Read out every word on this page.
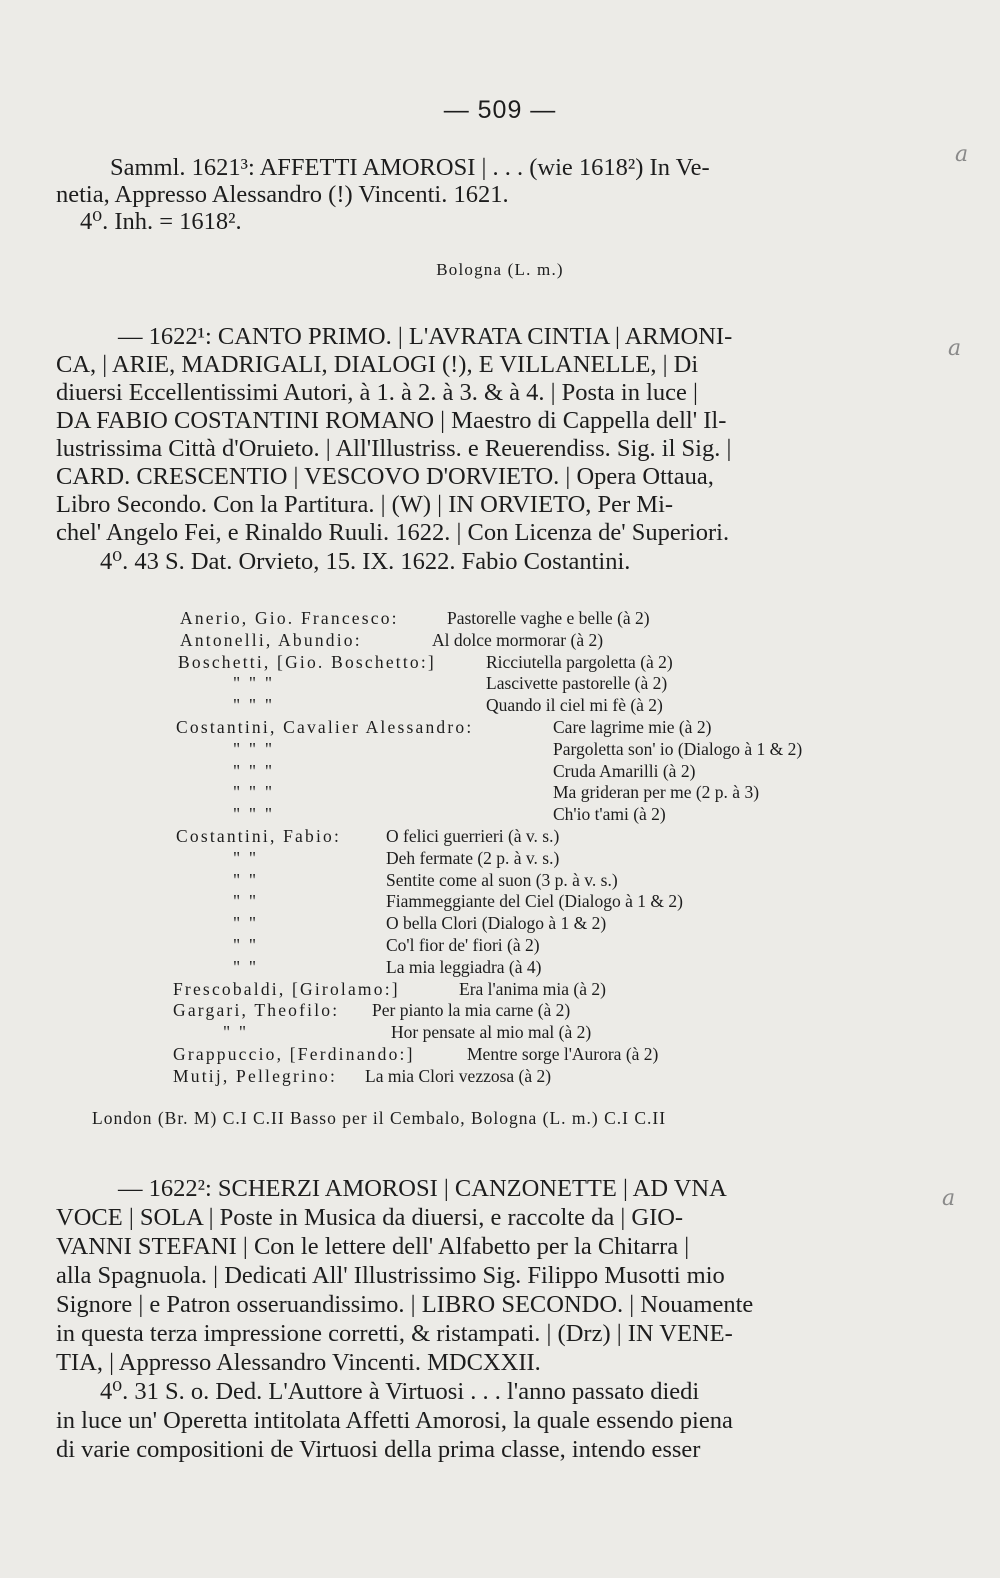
— 509 —
a
a
a
Samml. 1621³: AFFETTI AMOROSI | . . . (wie 1618²) In Ve-
netia, Appresso Alessandro (!) Vincenti. 1621.
4⁰. Inh. = 1618².
Bologna (L. m.)
— 1622¹: CANTO PRIMO. | L'AVRATA CINTIA | ARMONI-
CA, | ARIE, MADRIGALI, DIALOGI (!), E VILLANELLE, | Di
diuersi Eccellentissimi Autori, à 1. à 2. à 3. & à 4. | Posta in luce |
DA FABIO COSTANTINI ROMANO | Maestro di Cappella dell' Il-
lustrissima Città d'Oruieto. | All'Illustriss. e Reuerendiss. Sig. il Sig. |
CARD. CRESCENTIO | VESCOVO D'ORVIETO. | Opera Ottaua,
Libro Secondo. Con la Partitura. | (W) | IN ORVIETO, Per Mi-
chel' Angelo Fei, e Rinaldo Ruuli. 1622. | Con Licenza de' Superiori.
4⁰. 43 S. Dat. Orvieto, 15. IX. 1622. Fabio Costantini.
Anerio, Gio. Francesco:	Pastorelle vaghe e belle (à 2)
Antonelli, Abundio:	Al dolce mormorar (à 2)
Boschetti, [Gio. Boschetto:]	Ricciutella pargoletta (à 2)
" " "	Lascivette pastorelle (à 2)
" " "	Quando il ciel mi fè (à 2)
Costantini, Cavalier Alessandro:	Care lagrime mie (à 2)
" " "	Pargoletta son' io (Dialogo à 1 & 2)
" " "	Cruda Amarilli (à 2)
" " "	Ma grideran per me (2 p. à 3)
" " "	Ch'io t'ami (à 2)
Costantini, Fabio:	O felici guerrieri (à v. s.)
" "	Deh fermate (2 p. à v. s.)
" "	Sentite come al suon (3 p. à v. s.)
" "	Fiammeggiante del Ciel (Dialogo à 1 & 2)
" "	O bella Clori (Dialogo à 1 & 2)
" "	Co'l fior de' fiori (à 2)
" "	La mia leggiadra (à 4)
Frescobaldi, [Girolamo:]	Era l'anima mia (à 2)
Gargari, Theofilo: Per pianto la mia carne (à 2)
" "	Hor pensate al mio mal (à 2)
Grappuccio, [Ferdinando:]	Mentre sorge l'Aurora (à 2)
Mutij, Pellegrino: La mia Clori vezzosa (à 2)
London (Br. M) C.I C.II Basso per il Cembalo, Bologna (L. m.) C.I C.II
— 1622²: SCHERZI AMOROSI | CANZONETTE | AD VNA
VOCE | SOLA | Poste in Musica da diuersi, e raccolte da | GIO-
VANNI STEFANI | Con le lettere dell' Alfabetto per la Chitarra |
alla Spagnuola. | Dedicati All' Illustrissimo Sig. Filippo Musotti mio
Signore | e Patron osseruandissimo. | LIBRO SECONDO. | Nouamente
in questa terza impressione corretti, & ristampati. | (Drz) | IN VENE-
TIA, | Appresso Alessandro Vincenti. MDCXXII.
4⁰. 31 S. o. Ded. L'Auttore à Virtuosi . . . l'anno passato diedi
in luce un' Operetta intitolata Affetti Amorosi, la quale essendo piena
di varie compositioni de Virtuosi della prima classe, intendo esser
